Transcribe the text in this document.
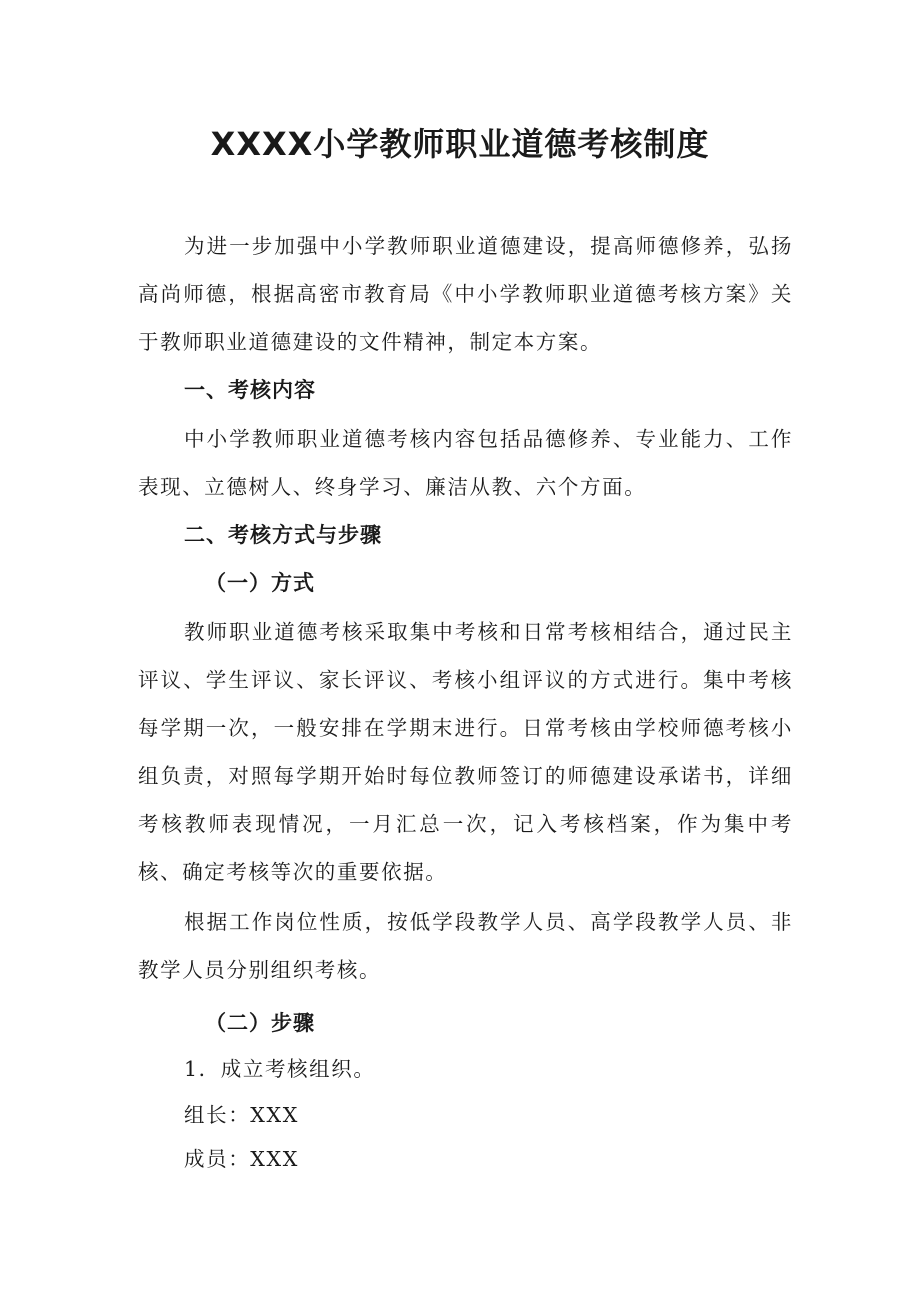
XXXX小学教师职业道德考核制度
为进一步加强中小学教师职业道德建设，提高师德修养，弘扬高尚师德，根据高密市教育局《中小学教师职业道德考核方案》关于教师职业道德建设的文件精神，制定本方案。
一、考核内容
中小学教师职业道德考核内容包括品德修养、专业能力、工作表现、立德树人、终身学习、廉洁从教、六个方面。
二、考核方式与步骤
（一）方式
教师职业道德考核采取集中考核和日常考核相结合，通过民主评议、学生评议、家长评议、考核小组评议的方式进行。集中考核每学期一次，一般安排在学期末进行。日常考核由学校师德考核小组负责，对照每学期开始时每位教师签订的师德建设承诺书，详细考核教师表现情况，一月汇总一次，记入考核档案，作为集中考核、确定考核等次的重要依据。
根据工作岗位性质，按低学段教学人员、高学段教学人员、非教学人员分别组织考核。
（二）步骤
1．成立考核组织。
组长：XXX
成员：XXX
